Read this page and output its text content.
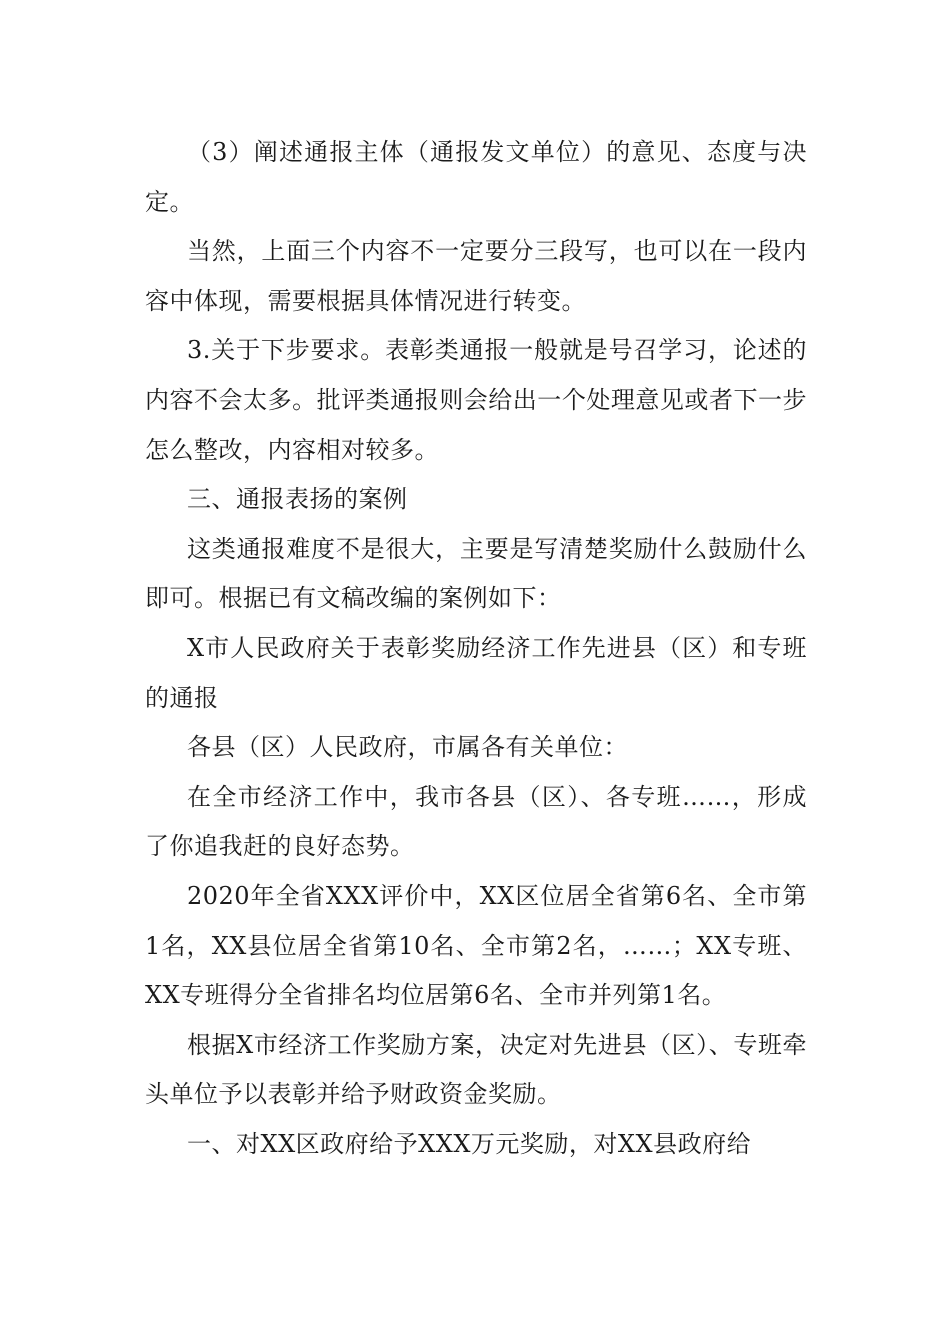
（3）阐述通报主体（通报发文单位）的意见、态度与决定。

当然，上面三个内容不一定要分三段写，也可以在一段内容中体现，需要根据具体情况进行转变。

3.关于下步要求。表彰类通报一般就是号召学习，论述的内容不会太多。批评类通报则会给出一个处理意见或者下一步怎么整改，内容相对较多。

三、通报表扬的案例

这类通报难度不是很大，主要是写清楚奖励什么鼓励什么即可。根据已有文稿改编的案例如下：

X市人民政府关于表彰奖励经济工作先进县（区）和专班的通报

各县（区）人民政府，市属各有关单位：

在全市经济工作中，我市各县（区）、各专班……，形成了你追我赶的良好态势。

2020年全省XXX评价中，XX区位居全省第6名、全市第1名，XX县位居全省第10名、全市第2名，……；XX专班、XX专班得分全省排名均位居第6名、全市并列第1名。

根据X市经济工作奖励方案，决定对先进县（区）、专班牵头单位予以表彰并给予财政资金奖励。

一、对XX区政府给予XXX万元奖励，对XX县政府给
